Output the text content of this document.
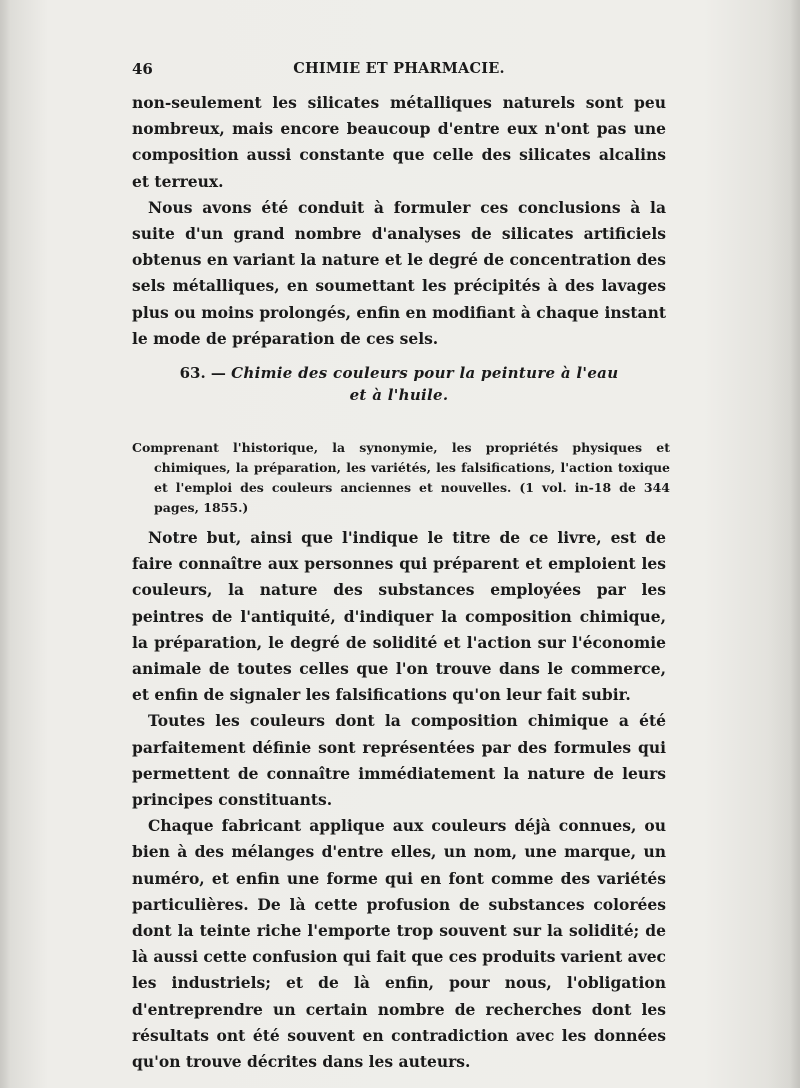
46	CHIMIE ET PHARMACIE.

non-seulement les silicates métalliques naturels sont peu nombreux, mais encore beaucoup d'entre eux n'ont pas une composition aussi constante que celle des silicates alcalins et terreux.

Nous avons été conduit à formuler ces conclusions à la suite d'un grand nombre d'analyses de silicates artificiels obtenus en variant la nature et le degré de concentration des sels métalliques, en soumettant les précipités à des lavages plus ou moins prolongés, enfin en modifiant à chaque instant le mode de préparation de ces sels.

63. — Chimie des couleurs pour la peinture à l'eau
et à l'huile.

Comprenant l'historique, la synonymie, les propriétés physiques et chimiques, la préparation, les variétés, les falsifications, l'action toxique et l'emploi des couleurs anciennes et nouvelles. (1 vol. in-18 de 344 pages, 1855.)

Notre but, ainsi que l'indique le titre de ce livre, est de faire connaître aux personnes qui préparent et emploient les couleurs, la nature des substances employées par les peintres de l'antiquité, d'indiquer la composition chimique, la préparation, le degré de solidité et l'action sur l'économie animale de toutes celles que l'on trouve dans le commerce, et enfin de signaler les falsifications qu'on leur fait subir.

Toutes les couleurs dont la composition chimique a été parfaitement définie sont représentées par des formules qui permettent de connaître immédiatement la nature de leurs principes constituants.

Chaque fabricant applique aux couleurs déjà connues, ou bien à des mélanges d'entre elles, un nom, une marque, un numéro, et enfin une forme qui en font comme des variétés particulières. De là cette profusion de substances colorées dont la teinte riche l'emporte trop souvent sur la solidité; de là aussi cette confusion qui fait que ces produits varient avec les industriels; et de là enfin, pour nous, l'obligation d'entreprendre un certain nombre de recherches dont les résultats ont été souvent en contradiction avec les données qu'on trouve décrites dans les auteurs.
